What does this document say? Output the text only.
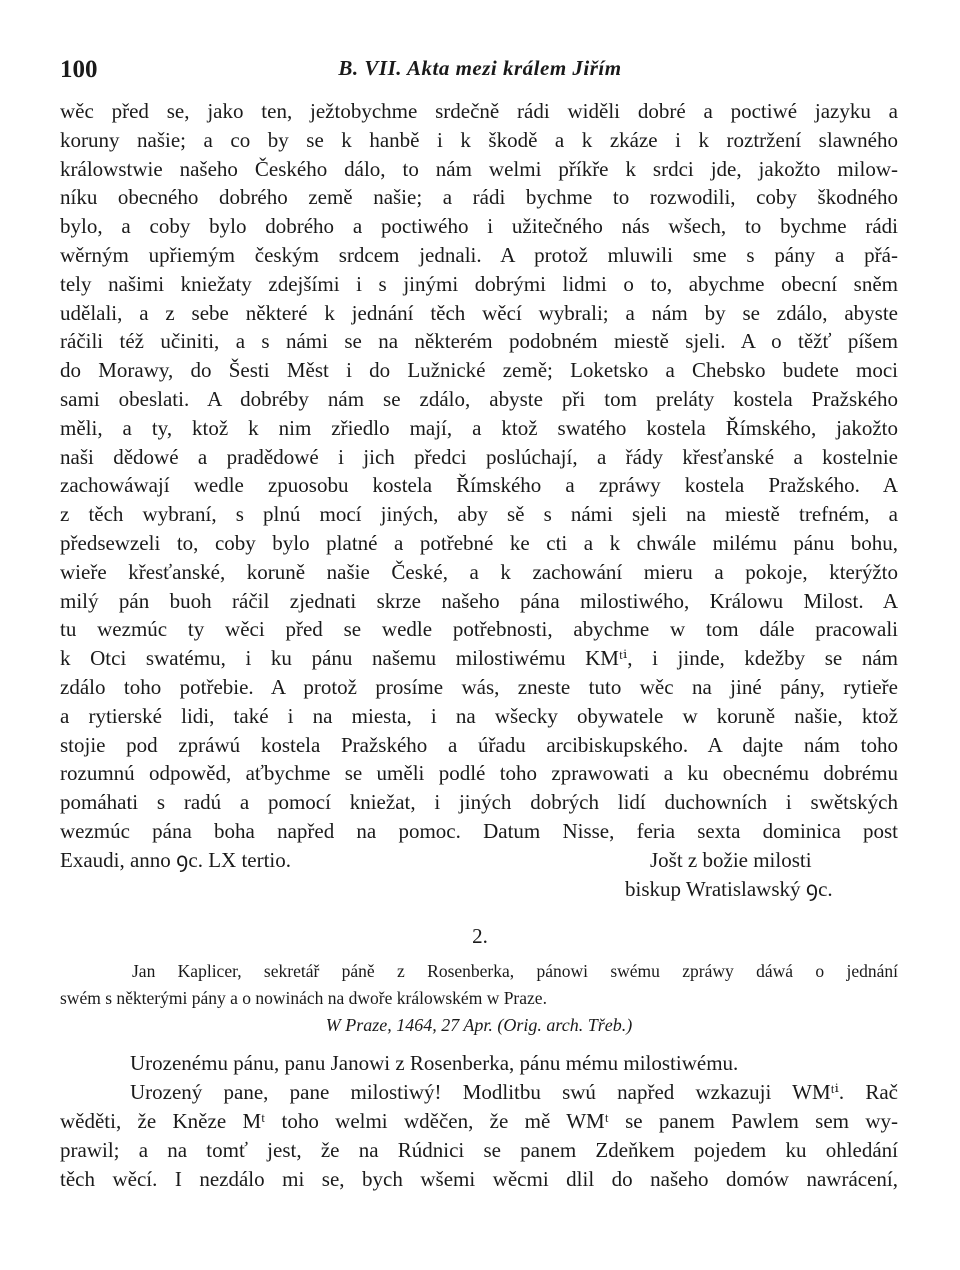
100	B. VII. Akta mezi králem Jiřím
wěc před se, jako ten, ježtobychme srdečně rádi widěli dobré a poctiwé jazyku a
koruny našie; a co by se k hanbě i k škodě a k zkáze i k roztržení slawného
králowstwie našeho Českého dálo, to nám welmi příkře k srdci jde, jakožto milow-
níku obecného dobrého země našie; a rádi bychme to rozwodili, coby škodného
bylo, a coby bylo dobrého a poctiwého i užitečného nás wšech, to bychme rádi
wěrným upřiemým českým srdcem jednali. A protož mluwili sme s pány a přá-
tely našimi kniežaty zdejšími i s jinými dobrými lidmi o to, abychme obecní sněm
udělali, a z sebe některé k jednání těch wěcí wybrali; a nám by se zdálo, abyste
ráčili též učiniti, a s námi se na některém podobném miestě sjeli. A o těžť píšem
do Morawy, do Šesti Měst i do Lužnické země; Loketsko a Chebsko budete moci
sami obeslati. A dobréby nám se zdálo, abyste při tom preláty kostela Pražského
měli, a ty, ktož k nim zřiedlo mají, a ktož swatého kostela Římského, jakožto
naši dědowé a pradědowé i jich předci poslúchají, a řády křesťanské a kostelnie
zachowáwají wedle zpuosobu kostela Římského a zpráwy kostela Pražského. A
z těch wybraní, s plnú mocí jiných, aby sě s námi sjeli na miestě trefném, a
předsewzeli to, coby bylo platné a potřebné ke cti a k chwále milému pánu bohu,
wieře křesťanské, koruně našie České, a k zachowání mieru a pokoje, kterýžto
milý pán buoh ráčil zjednati skrze našeho pána milostiwého, Králowu Milost. A
tu wezmúc ty wěci před se wedle potřebnosti, abychme w tom dále pracowali
k Otci swatému, i ku pánu našemu milostiwému KMᵗⁱ, i jinde, kdežby se nám
zdálo toho potřebie. A protož prosíme wás, zneste tuto wěc na jiné pány, rytieře
a rytierské lidi, také i na miesta, i na wšecky obywatele w koruně našie, ktož
stojie pod zpráwú kostela Pražského a úřadu arcibiskupského. A dajte nám toho
rozumnú odpowěd, aťbychme se uměli podlé toho zprawowati a ku obecnému dobrému
pomáhati s radú a pomocí kniežat, i jiných dobrých lidí duchowních i swětských
wezmúc pána boha napřed na pomoc. Datum Nisse, feria sexta dominica post
Exaudi, anno ꝯc. LX tertio.	Jošt z božie milosti
biskup Wratislawský ꝯc.
2.
Jan Kaplicer, sekretář páně z Rosenberka, pánowi swému zpráwy dáwá o jednání
swém s některými pány a o nowinách na dwoře králowském w Praze.
W Praze, 1464, 27 Apr. (Orig. arch. Třeb.)
Urozenému pánu, panu Janowi z Rosenberka, pánu mému milostiwému.
Urozený pane, pane milostiwý! Modlitbu swú napřed wzkazuji WMᵗⁱ. Rač
wěděti, že Kněze Mᵗ toho welmi wděčen, že mě WMᵗ se panem Pawlem sem wy-
prawil; a na tomť jest, že na Rúdnici se panem Zdeňkem pojedem ku ohledání
těch wěcí. I nezdálo mi se, bych wšemi wěcmi dlil do našeho domów nawrácení,
